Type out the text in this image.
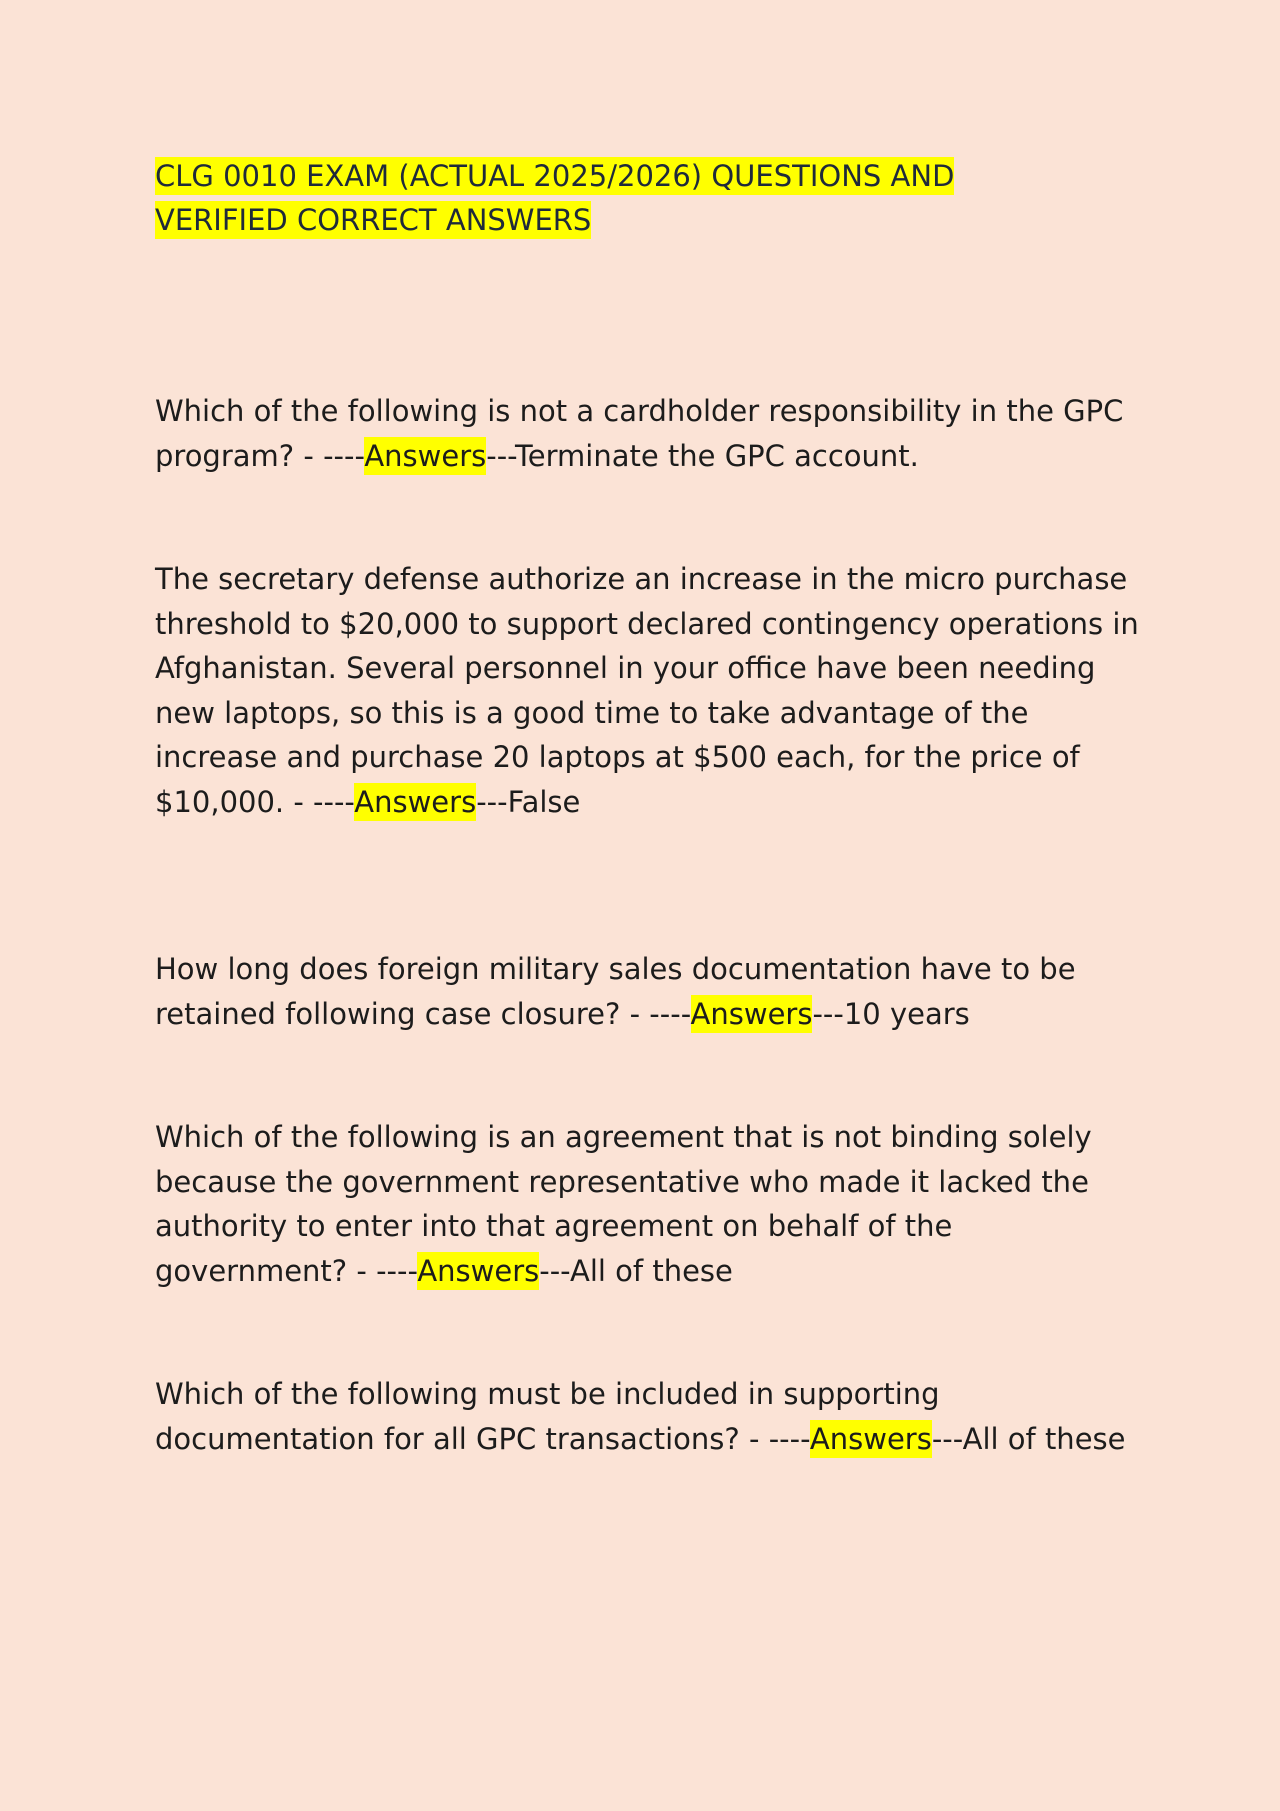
CLG 0010 EXAM (ACTUAL 2025/2026) QUESTIONS AND
VERIFIED CORRECT ANSWERS

Which of the following is not a cardholder responsibility in the GPC program? - ----Answers---Terminate the GPC account.

The secretary defense authorize an increase in the micro purchase threshold to $20,000 to support declared contingency operations in Afghanistan. Several personnel in your office have been needing new laptops, so this is a good time to take advantage of the increase and purchase 20 laptops at $500 each, for the price of $10,000. - ----Answers---False

How long does foreign military sales documentation have to be retained following case closure? - ----Answers---10 years

Which of the following is an agreement that is not binding solely because the government representative who made it lacked the authority to enter into that agreement on behalf of the government? - ----Answers---All of these

Which of the following must be included in supporting documentation for all GPC transactions? - ----Answers---All of these
